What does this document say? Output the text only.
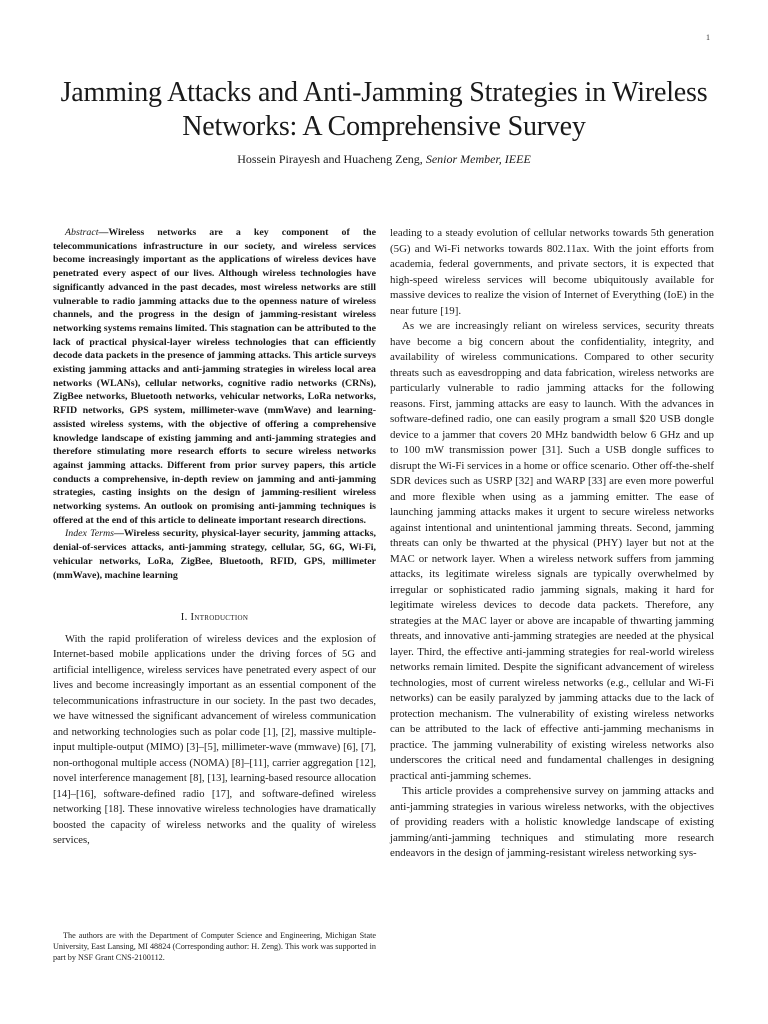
1
Jamming Attacks and Anti-Jamming Strategies in Wireless Networks: A Comprehensive Survey
Hossein Pirayesh and Huacheng Zeng, Senior Member, IEEE

Abstract—Wireless networks are a key component of the telecommunications infrastructure in our society, and wireless services become increasingly important as the applications of wireless devices have penetrated every aspect of our lives. Although wireless technologies have significantly advanced in the past decades, most wireless networks are still vulnerable to radio jamming attacks due to the openness nature of wireless channels, and the progress in the design of jamming-resistant wireless networking systems remains limited. This stagnation can be attributed to the lack of practical physical-layer wireless technologies that can efficiently decode data packets in the presence of jamming attacks. This article surveys existing jamming attacks and anti-jamming strategies in wireless local area networks (WLANs), cellular networks, cognitive radio networks (CRNs), ZigBee networks, Bluetooth networks, vehicular networks, LoRa networks, RFID networks, GPS system, millimeter-wave (mmWave) and learning-assisted wireless systems, with the objective of offering a comprehensive knowledge landscape of existing jamming and anti-jamming strategies and therefore stimulating more research efforts to secure wireless networks against jamming attacks. Different from prior survey papers, this article conducts a comprehensive, in-depth review on jamming and anti-jamming strategies, casting insights on the design of jamming-resilient wireless networking systems. An outlook on promising anti-jamming techniques is offered at the end of this article to delineate important research directions.

Index Terms—Wireless security, physical-layer security, jamming attacks, denial-of-services attacks, anti-jamming strategy, cellular, 5G, 6G, Wi-Fi, vehicular networks, LoRa, ZigBee, Bluetooth, RFID, GPS, millimeter (mmWave), machine learning

I. Introduction

With the rapid proliferation of wireless devices and the explosion of Internet-based mobile applications under the driving forces of 5G and artificial intelligence, wireless services have penetrated every aspect of our lives and become increasingly important as an essential component of the telecommunications infrastructure in our society. In the past two decades, we have witnessed the significant advancement of wireless communication and networking technologies such as polar code [1], [2], massive multiple-input multiple-output (MIMO) [3]–[5], millimeter-wave (mmwave) [6], [7], non-orthogonal multiple access (NOMA) [8]–[11], carrier aggregation [12], novel interference management [8], [13], learning-based resource allocation [14]–[16], software-defined radio [17], and software-defined wireless networking [18]. These innovative wireless technologies have dramatically boosted the capacity of wireless networks and the quality of wireless services,

leading to a steady evolution of cellular networks towards 5th generation (5G) and Wi-Fi networks towards 802.11ax. With the joint efforts from academia, federal governments, and private sectors, it is expected that high-speed wireless services will become ubiquitously available for massive devices to realize the vision of Internet of Everything (IoE) in the near future [19].

As we are increasingly reliant on wireless services, security threats have become a big concern about the confidentiality, integrity, and availability of wireless communications. Compared to other security threats such as eavesdropping and data fabrication, wireless networks are particularly vulnerable to radio jamming attacks for the following reasons. First, jamming attacks are easy to launch. With the advances in software-defined radio, one can easily program a small $20 USB dongle device to a jammer that covers 20 MHz bandwidth below 6 GHz and up to 100 mW transmission power [31]. Such a USB dongle suffices to disrupt the Wi-Fi services in a home or office scenario. Other off-the-shelf SDR devices such as USRP [32] and WARP [33] are even more powerful and more flexible when using as a jamming emitter. The ease of launching jamming attacks makes it urgent to secure wireless networks against intentional and unintentional jamming threats. Second, jamming threats can only be thwarted at the physical (PHY) layer but not at the MAC or network layer. When a wireless network suffers from jamming attacks, its legitimate wireless signals are typically overwhelmed by irregular or sophisticated radio jamming signals, making it hard for legitimate wireless devices to decode data packets. Therefore, any strategies at the MAC layer or above are incapable of thwarting jamming threats, and innovative anti-jamming strategies are needed at the physical layer. Third, the effective anti-jamming strategies for real-world wireless networks remain limited. Despite the significant advancement of wireless technologies, most of current wireless networks (e.g., cellular and Wi-Fi networks) can be easily paralyzed by jamming attacks due to the lack of protection mechanism. The vulnerability of existing wireless networks can be attributed to the lack of effective anti-jamming mechanisms in practice. The jamming vulnerability of existing wireless networks also underscores the critical need and fundamental challenges in designing practical anti-jamming schemes.

This article provides a comprehensive survey on jamming attacks and anti-jamming strategies in various wireless networks, with the objectives of providing readers with a holistic knowledge landscape of existing jamming/anti-jamming techniques and stimulating more research endeavors in the design of jamming-resistant wireless networking sys-

The authors are with the Department of Computer Science and Engineering, Michigan State University, East Lansing, MI 48824 (Corresponding author: H. Zeng). This work was supported in part by NSF Grant CNS-2100112.
